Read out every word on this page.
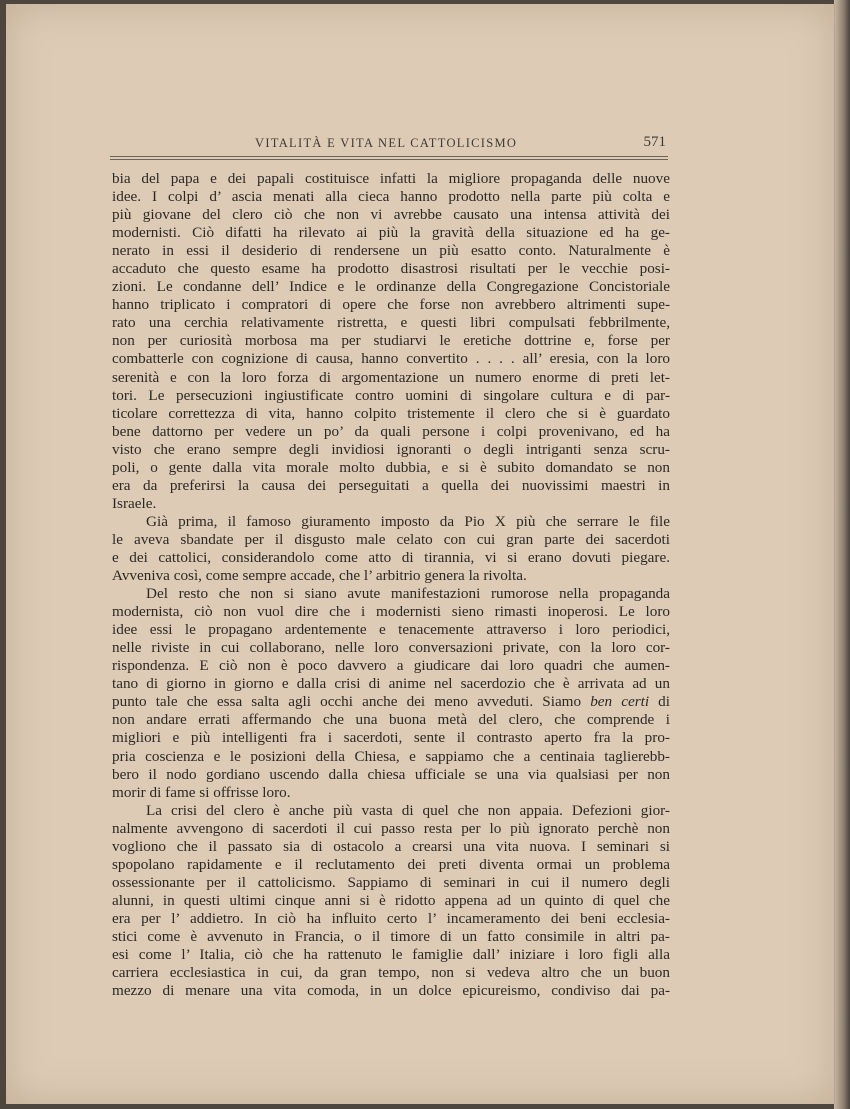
VITALITÀ E VITA NEL CATTOLICISMO	571
bia del papa e dei papali costituisce infatti la migliore propaganda delle nuove
idee. I colpi d’ ascia menati alla cieca hanno prodotto nella parte più colta e
più giovane del clero ciò che non vi avrebbe causato una intensa attività dei
modernisti. Ciò difatti ha rilevato ai più la gravità della situazione ed ha ge-
nerato in essi il desiderio di rendersene un più esatto conto. Naturalmente è
accaduto che questo esame ha prodotto disastrosi risultati per le vecchie posi-
zioni. Le condanne dell’ Indice e le ordinanze della Congregazione Concistoriale
hanno triplicato i compratori di opere che forse non avrebbero altrimenti supe-
rato una cerchia relativamente ristretta, e questi libri compulsati febbrilmente,
non per curiosità morbosa ma per studiarvi le eretiche dottrine e, forse per
combatterle con cognizione di causa, hanno convertito . . . . all’ eresia, con la loro
serenità e con la loro forza di argomentazione un numero enorme di preti let-
tori. Le persecuzioni ingiustificate contro uomini di singolare cultura e di par-
ticolare correttezza di vita, hanno colpito tristemente il clero che si è guardato
bene dattorno per vedere un po’ da quali persone i colpi provenivano, ed ha
visto che erano sempre degli invidiosi ignoranti o degli intriganti senza scru-
poli, o gente dalla vita morale molto dubbia, e si è subito domandato se non
era da preferirsi la causa dei perseguitati a quella dei nuovissimi maestri in
Israele.
Già prima, il famoso giuramento imposto da Pio X più che serrare le file
le aveva sbandate per il disgusto male celato con cui gran parte dei sacerdoti
e dei cattolici, considerandolo come atto di tirannia, vi si erano dovuti piegare.
Avveniva così, come sempre accade, che l’ arbitrio genera la rivolta.
Del resto che non si siano avute manifestazioni rumorose nella propaganda
modernista, ciò non vuol dire che i modernisti sieno rimasti inoperosi. Le loro
idee essi le propagano ardentemente e tenacemente attraverso i loro periodici,
nelle riviste in cui collaborano, nelle loro conversazioni private, con la loro cor-
rispondenza. E ciò non è poco davvero a giudicare dai loro quadri che aumen-
tano di giorno in giorno e dalla crisi di anime nel sacerdozio che è arrivata ad un
punto tale che essa salta agli occhi anche dei meno avveduti. Siamo ben certi di
non andare errati affermando che una buona metà del clero, che comprende i
migliori e più intelligenti fra i sacerdoti, sente il contrasto aperto fra la pro-
pria coscienza e le posizioni della Chiesa, e sappiamo che a centinaia taglierebb-
bero il nodo gordiano uscendo dalla chiesa ufficiale se una via qualsiasi per non
morir di fame si offrisse loro.
La crisi del clero è anche più vasta di quel che non appaia. Defezioni gior-
nalmente avvengono di sacerdoti il cui passo resta per lo più ignorato perchè non
vogliono che il passato sia di ostacolo a crearsi una vita nuova. I seminari si
spopolano rapidamente e il reclutamento dei preti diventa ormai un problema
ossessionante per il cattolicismo. Sappiamo di seminari in cui il numero degli
alunni, in questi ultimi cinque anni si è ridotto appena ad un quinto di quel che
era per l’ addietro. In ciò ha influito certo l’ incameramento dei beni ecclesia-
stici come è avvenuto in Francia, o il timore di un fatto consimile in altri pa-
esi come l’ Italia, ciò che ha rattenuto le famiglie dall’ iniziare i loro figli alla
carriera ecclesiastica in cui, da gran tempo, non si vedeva altro che un buon
mezzo di menare una vita comoda, in un dolce epicureismo, condiviso dai pa-
